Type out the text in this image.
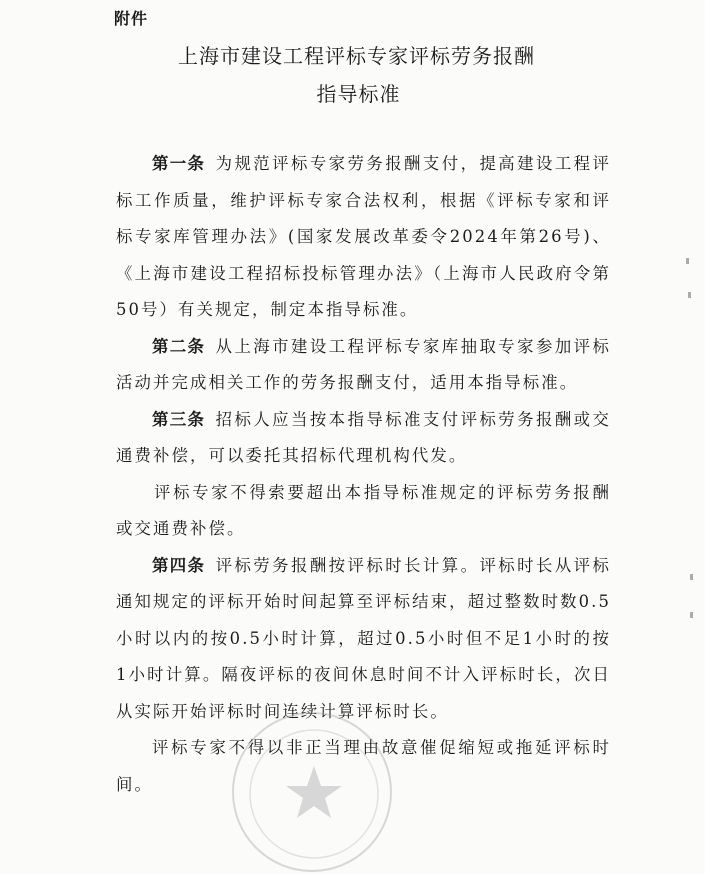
附件
上海市建设工程评标专家评标劳务报酬
指导标准

第一条 为规范评标专家劳务报酬支付，提高建设工程评标工作质量，维护评标专家合法权利，根据《评标专家和评标专家库管理办法》(国家发展改革委令2024年第26号)、《上海市建设工程招标投标管理办法》（上海市人民政府令第50号）有关规定，制定本指导标准。

第二条 从上海市建设工程评标专家库抽取专家参加评标活动并完成相关工作的劳务报酬支付，适用本指导标准。

第三条 招标人应当按本指导标准支付评标劳务报酬或交通费补偿，可以委托其招标代理机构代发。

评标专家不得索要超出本指导标准规定的评标劳务报酬或交通费补偿。

第四条 评标劳务报酬按评标时长计算。评标时长从评标通知规定的评标开始时间起算至评标结束，超过整数时数0.5小时以内的按0.5小时计算，超过0.5小时但不足1小时的按1小时计算。隔夜评标的夜间休息时间不计入评标时长，次日从实际开始评标时间连续计算评标时长。

评标专家不得以非正当理由故意催促缩短或拖延评标时间。
